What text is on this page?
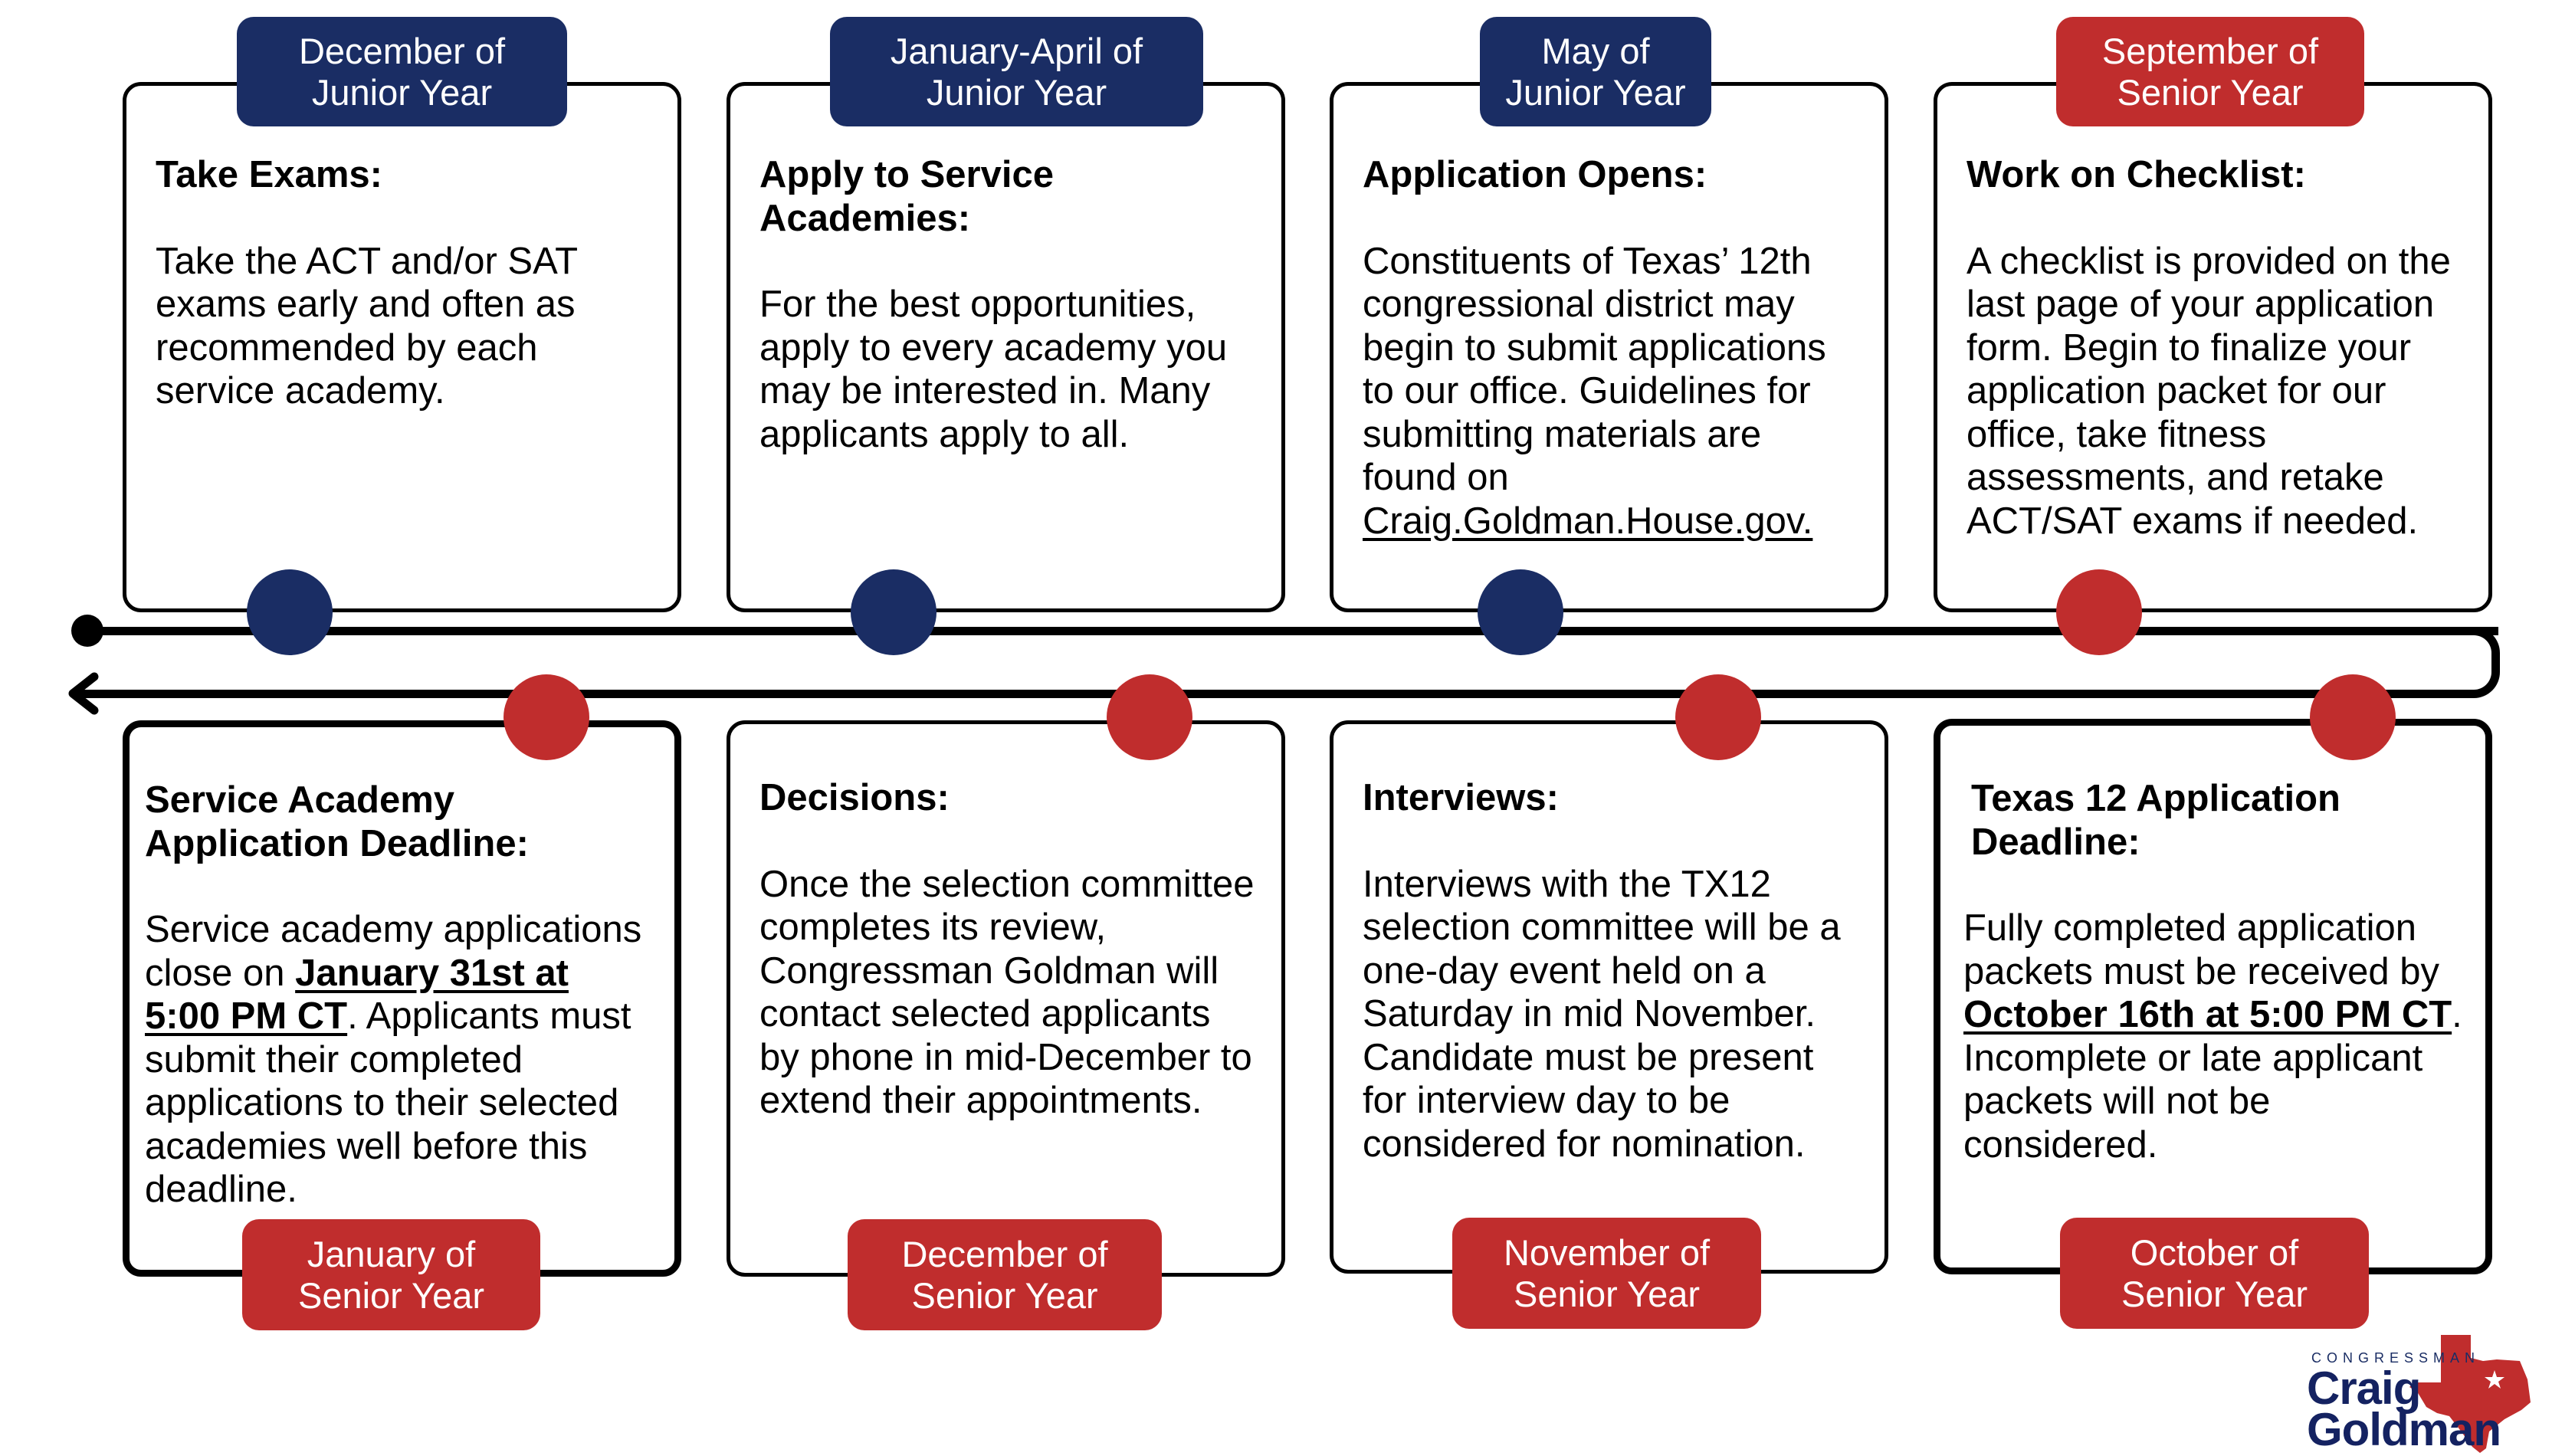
Take Exams:
Take the ACT and/or SAT exams early and often as recommended by each service academy.
Apply to Service Academies:
For the best opportunities, apply to every academy you may be interested in. Many applicants apply to all.
Application Opens:
Constituents of Texas’ 12th congressional district may begin to submit applications to our office. Guidelines for submitting materials are found on Craig.Goldman.House.gov.
Work on Checklist:
A checklist is provided on the last page of your application form. Begin to finalize your application packet for our office, take fitness assessments, and retake ACT/SAT exams if needed.
December of
Junior Year
January-April of
Junior Year
May of
Junior Year
September of
Senior Year
Service Academy Application Deadline:
Service academy applications close on January 31st at 5:00 PM CT. Applicants must submit their completed applications to their selected academies well before this deadline.
Decisions:
Once the selection committee completes its review, Congressman Goldman will contact selected applicants by phone in mid-December to extend their appointments.
Interviews:
Interviews with the TX12 selection committee will be a one-day event held on a Saturday in mid November. Candidate must be present for interview day to be considered for nomination.
Texas 12 Application Deadline:
Fully completed application packets must be received by October 16th at 5:00 PM CT. Incomplete or late applicant packets will not be considered.
January of
Senior Year
December of
Senior Year
November of
Senior Year
October of
Senior Year
CONGRESSMAN
Craig
Goldman
